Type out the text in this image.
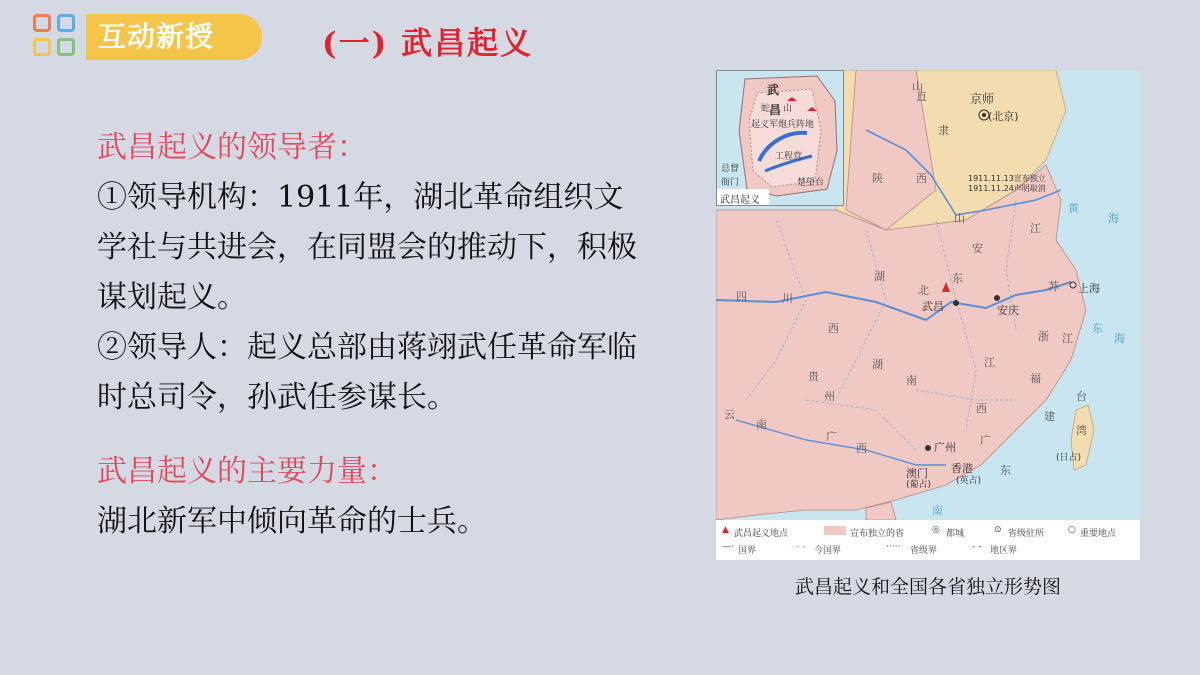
互动新授	(一) 武昌起义
武昌起义的领导者：
①领导机构：1911年，湖北革命组织文学社与共进会，在同盟会的推动下，积极谋划起义。
②领导人：起义总部由蒋翊武任革命军临时总司令，孙武任参谋长。
武昌起义的主要力量：
湖北新军中倾向革命的士兵。
京师
(北京)
武昌	安庆
上海
广州
澳门
(葡占)
香港
(英占)
(日占)
1911.11.13宣布独立
1911.11.24声明取消
山
西
陕
直
隶
山
东
安
江
苏
湖
北
四	川
西
湖
南
江
西
浙 江
福
建
贵
州
云
南
广
西
广
东
台
湾
黄
海
东
海
南
武
昌
蛇 山
起义军炮兵阵地
工程营
楚望台
总督
衙门
武昌起义
▲ 武昌起义地点	宣布独立的省	◎ 都城	⊙ 省级驻所	○ 重要地点
—· 国界	- - 今国界	····· 省级界	- - 地区界
武昌起义和全国各省独立形势图
